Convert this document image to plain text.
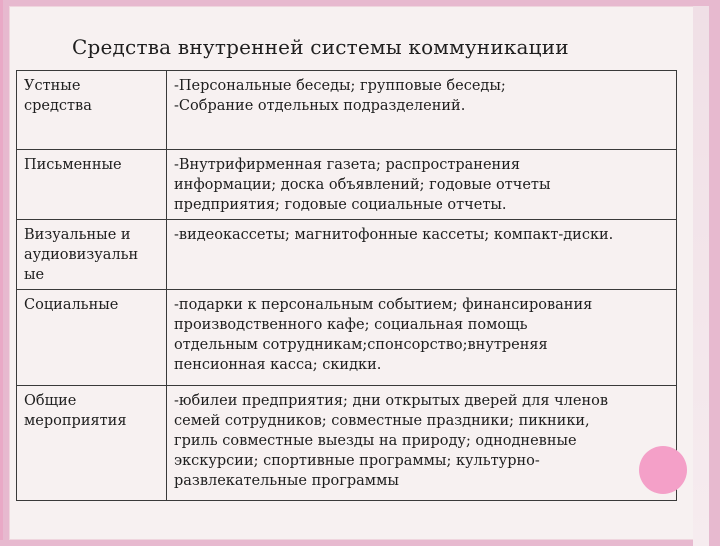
Средства внутренней системы коммуникации
Устные
средства	-Персональные беседы; групповые беседы;
-Собрание отдельных подразделений.
Письменные	-Внутрифирменная газета; распространения
информации; доска объявлений; годовые отчеты
предприятия; годовые социальные отчеты.
Визуальные и
аудиовизуальн
ые	-видеокассеты; магнитофонные кассеты; компакт-диски.
Социальные	-подарки к персональным событием; финансирования
производственного кафе; социальная помощь
отдельным сотрудникам;спонсорство;внутреняя
пенсионная касса; скидки.
Общие
мероприятия	-юбилеи предприятия; дни открытых дверей для членов
семей сотрудников; совместные праздники; пикники,
гриль совместные выезды на природу; однодневные
экскурсии; спортивные программы; культурно-
развлекательные программы
